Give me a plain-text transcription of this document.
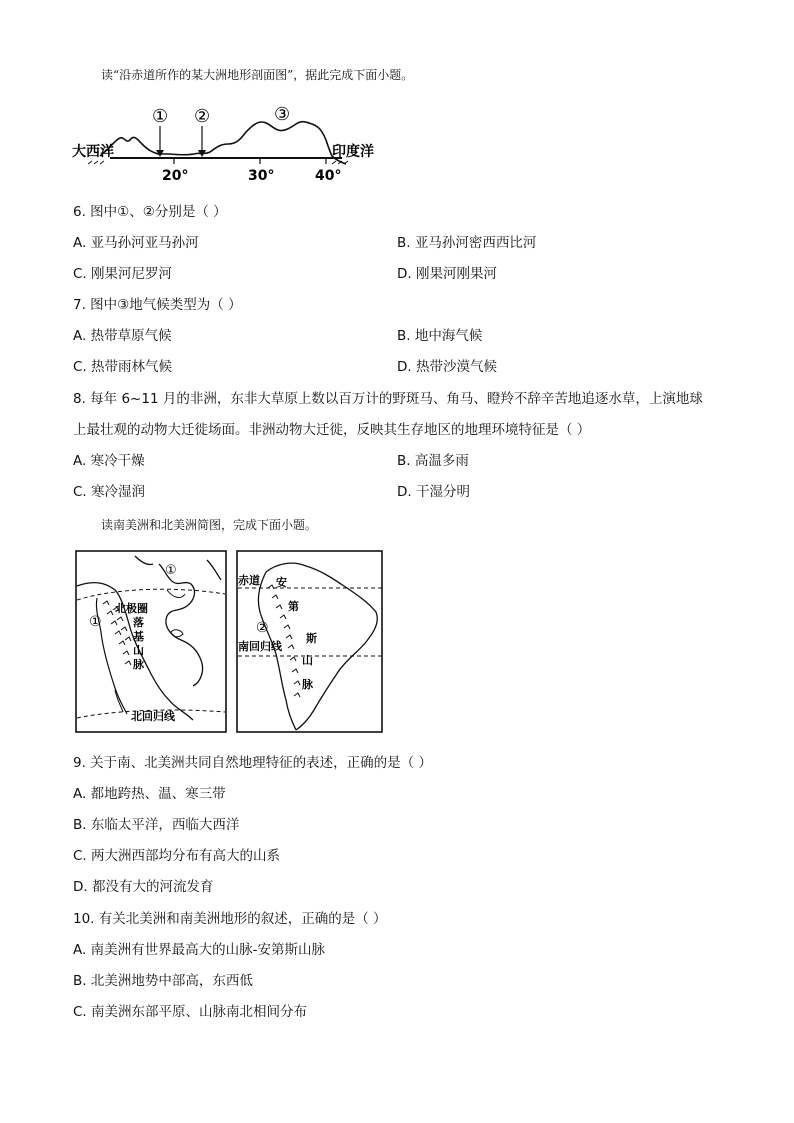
读“沿赤道所作的某大洲地形剖面图”，据此完成下面小题。
① ②	③
大西洋	印度洋
20°	30°	40°
6. 图中①、②分别是（ ）
A. 亚马孙河亚马孙河	B. 亚马孙河密西西比河
C. 刚果河尼罗河	D. 刚果河刚果河
7. 图中③地气候类型为（ ）
A. 热带草原气候	B. 地中海气候
C. 热带雨林气候	D. 热带沙漠气候
8. 每年 6~11 月的非洲，东非大草原上数以百万计的野斑马、角马、瞪羚不辞辛苦地追逐水草，上演地球
上最壮观的动物大迁徙场面。非洲动物大迁徙，反映其生存地区的地理环境特征是（ ）
A. 寒冷干燥	B. 高温多雨
C. 寒冷湿润	D. 干湿分明
读南美洲和北美洲简图，完成下面小题。
①
①
北极圈
落
基
山
脉
北回归线
赤道
②
南回归线
安
第
斯
山
脉
9. 关于南、北美洲共同自然地理特征的表述，正确的是（ ）
A. 都地跨热、温、寒三带
B. 东临太平洋，西临大西洋
C. 两大洲西部均分布有高大的山系
D. 都没有大的河流发育
10. 有关北美洲和南美洲地形的叙述，正确的是（ ）
A. 南美洲有世界最高大的山脉-安第斯山脉
B. 北美洲地势中部高，东西低
C. 南美洲东部平原、山脉南北相间分布
